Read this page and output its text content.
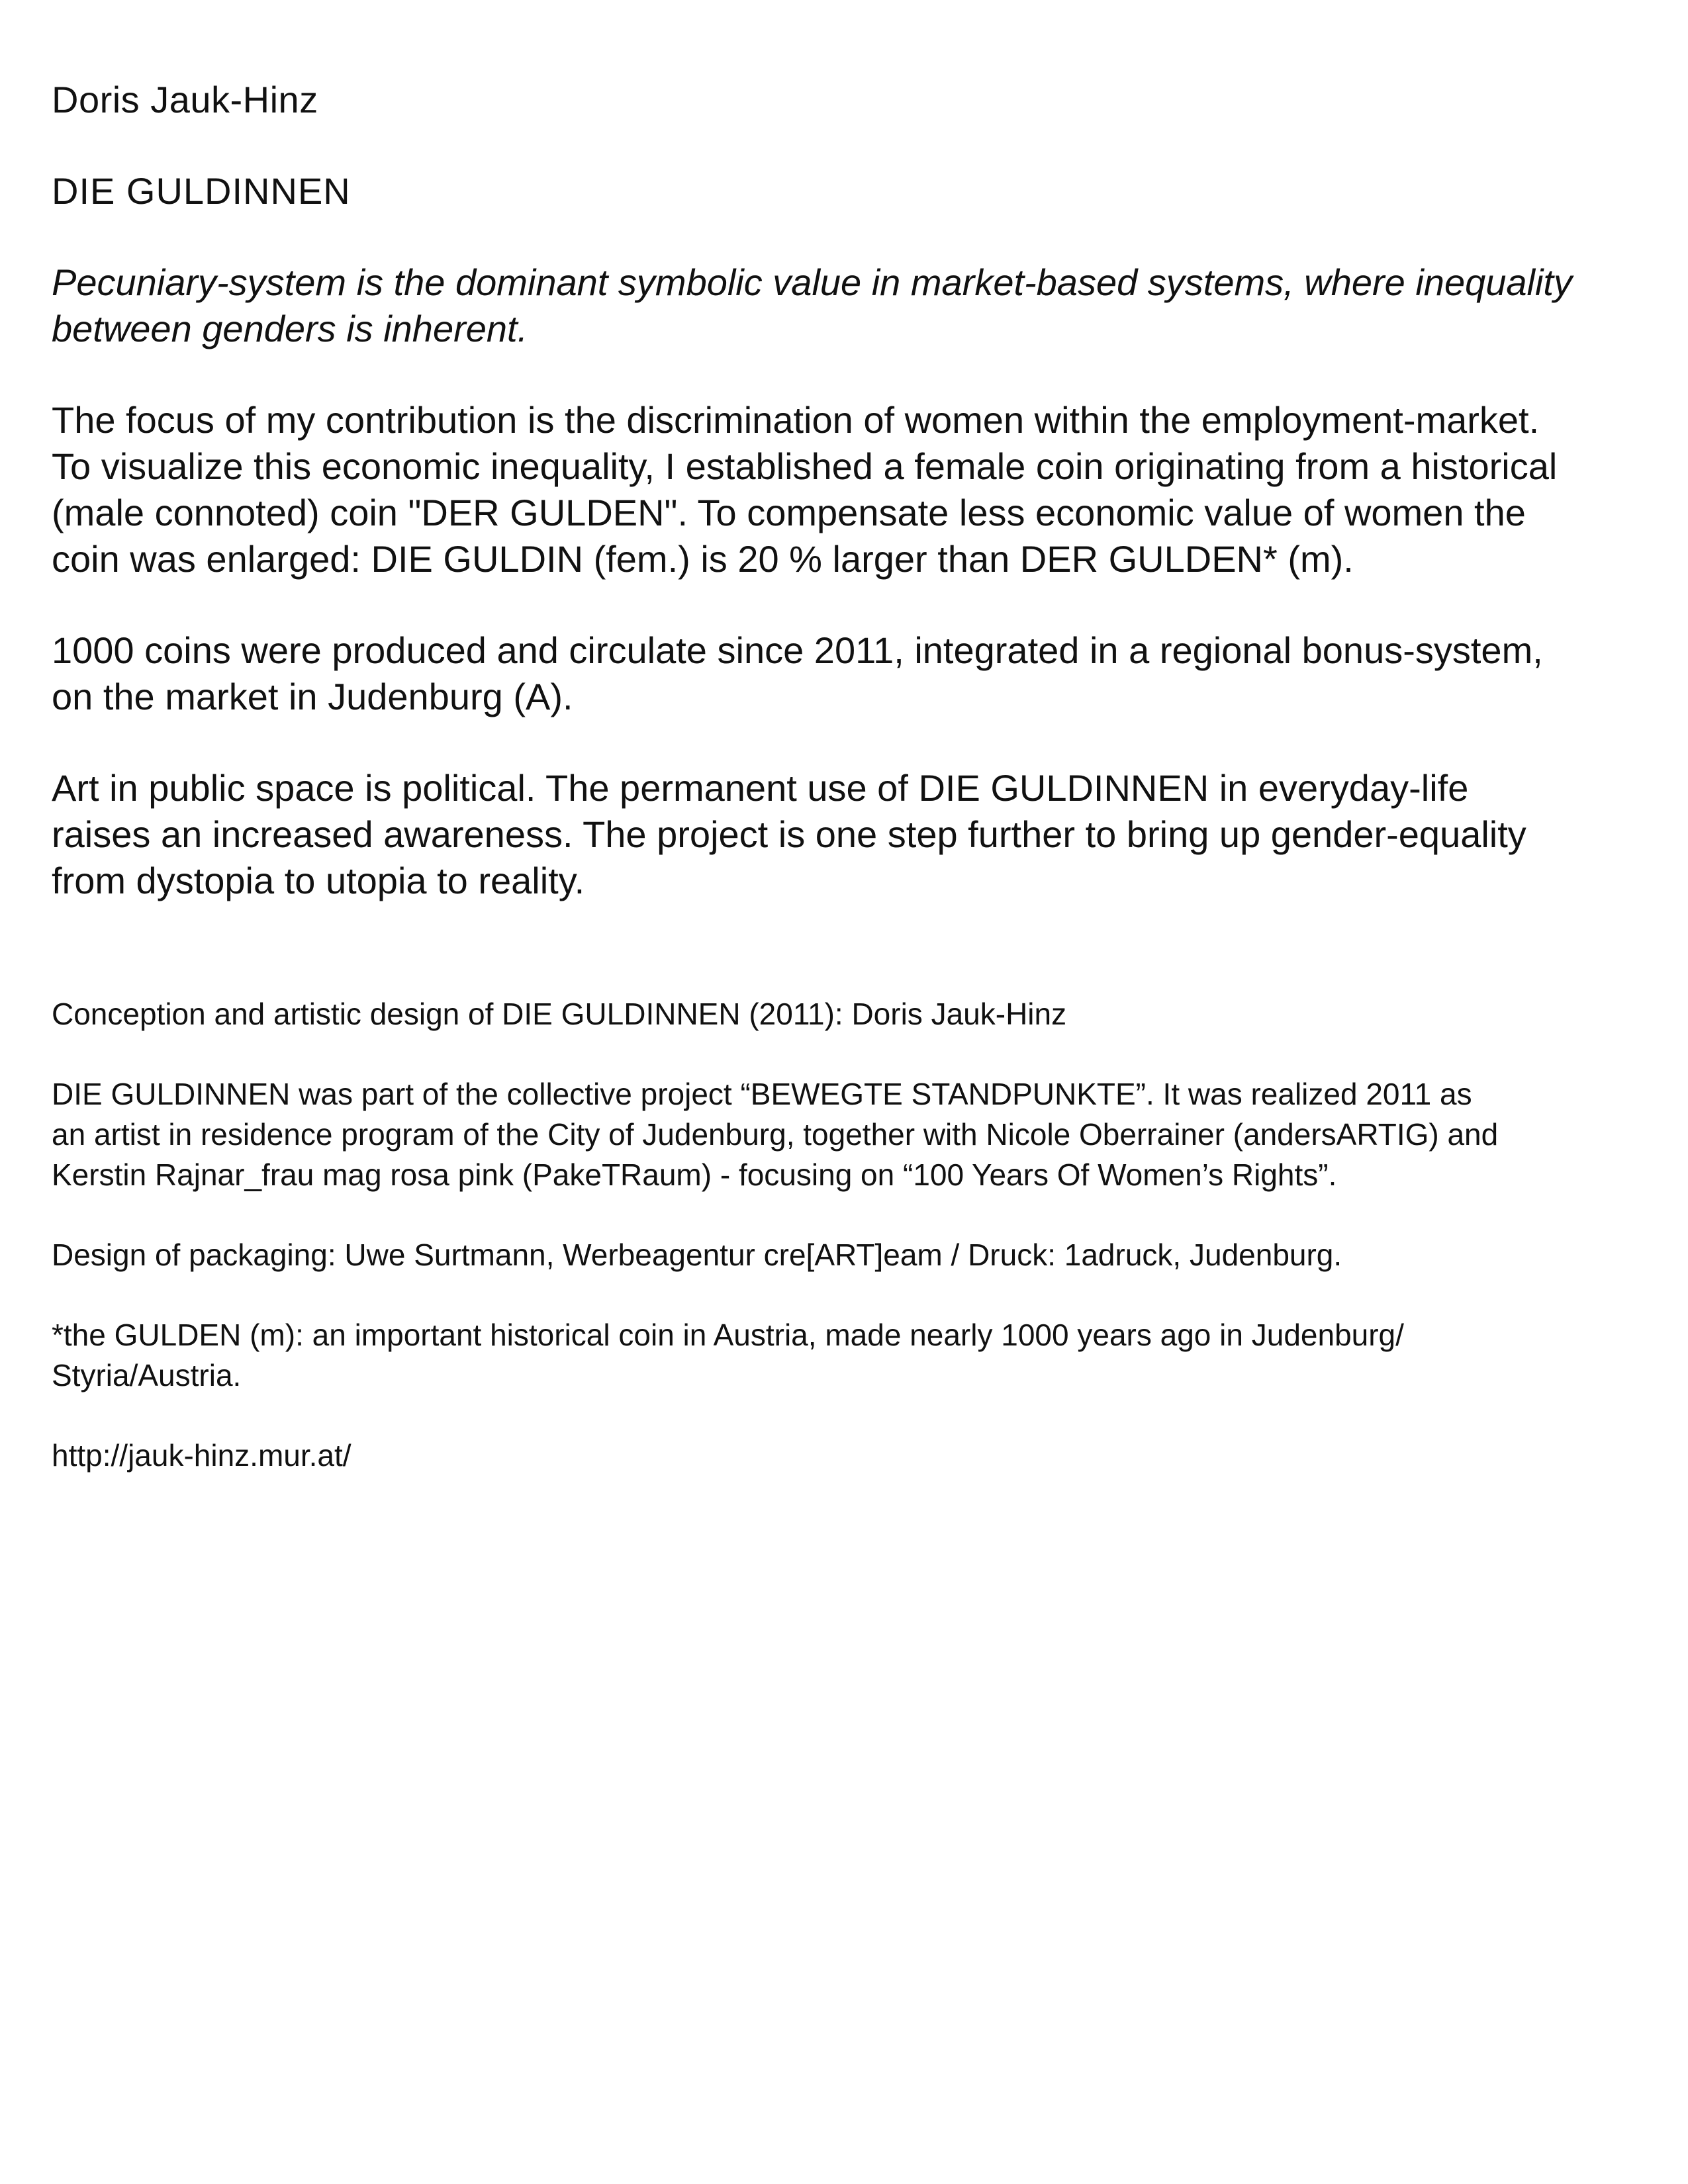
Doris Jauk-Hinz
DIE GULDINNEN
Pecuniary-system is the dominant symbolic value in market-based systems, where inequality
between genders is inherent.
The focus of my contribution is the discrimination of women within the employment-market.
To visualize this economic inequality, I established a female coin originating from a historical
(male connoted) coin "DER GULDEN". To compensate less economic value of women the
coin was enlarged: DIE GULDIN (fem.) is 20 % larger than DER GULDEN* (m).
1000 coins were produced and circulate since 2011, integrated in a regional bonus-system,
on the market in Judenburg (A).
Art in public space is political. The permanent use of DIE GULDINNEN in everyday-life
raises an increased awareness. The project is one step further to bring up gender-equality
from dystopia to utopia to reality.
Conception and artistic design of DIE GULDINNEN (2011): Doris Jauk-Hinz
DIE GULDINNEN was part of the collective project “BEWEGTE STANDPUNKTE”. It was realized 2011 as
an artist in residence program of the City of Judenburg, together with Nicole Oberrainer (andersARTIG) and
Kerstin Rajnar_frau mag rosa pink (PakeTRaum) - focusing on “100 Years Of Women’s Rights”.
Design of packaging: Uwe Surtmann, Werbeagentur cre[ART]eam / Druck: 1adruck, Judenburg.
*the GULDEN (m): an important historical coin in Austria, made nearly 1000 years ago in Judenburg/
Styria/Austria.
http://jauk-hinz.mur.at/
